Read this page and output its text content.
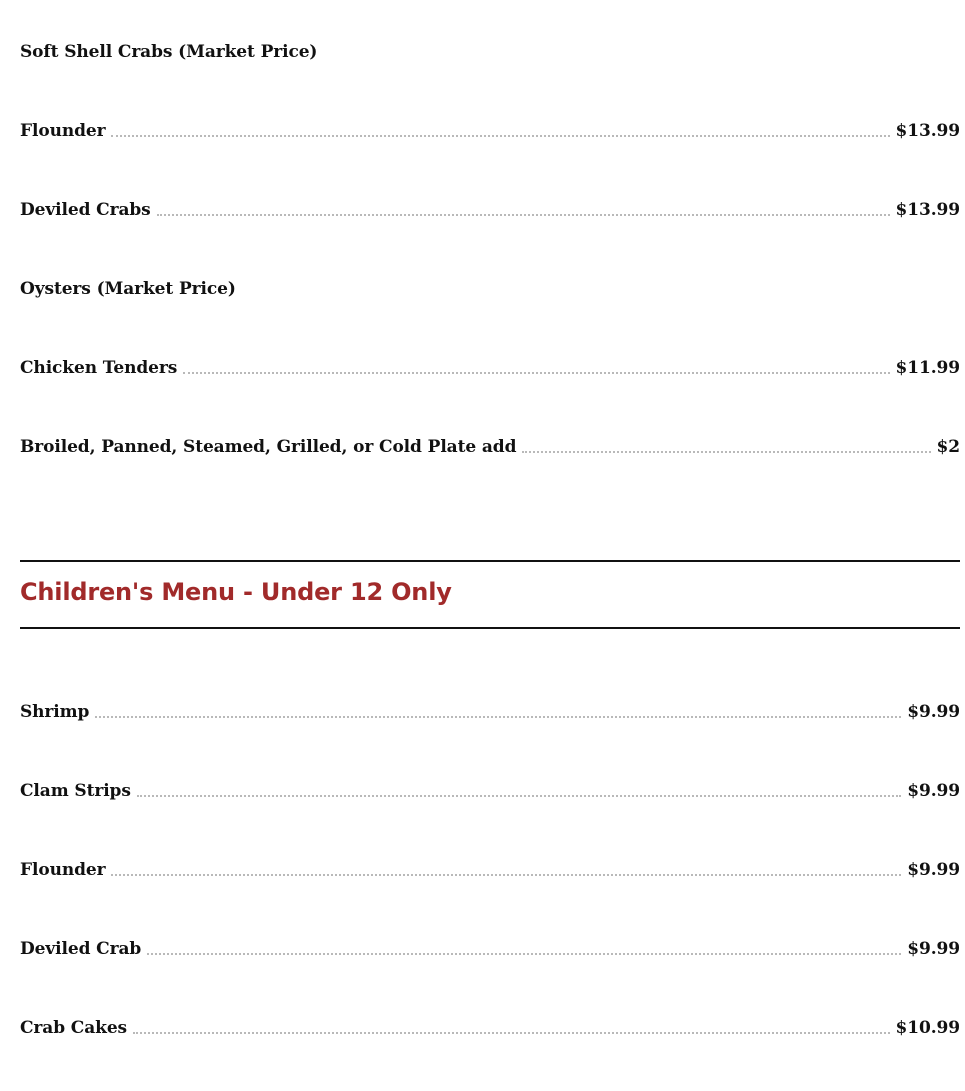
Soft Shell Crabs (Market Price)
Flounder	$13.99
Deviled Crabs	$13.99
Oysters (Market Price)
Chicken Tenders	$11.99
Broiled, Panned, Steamed, Grilled, or Cold Plate add	$2
Children's Menu - Under 12 Only
Shrimp	$9.99
Clam Strips	$9.99
Flounder	$9.99
Deviled Crab	$9.99
Crab Cakes	$10.99
